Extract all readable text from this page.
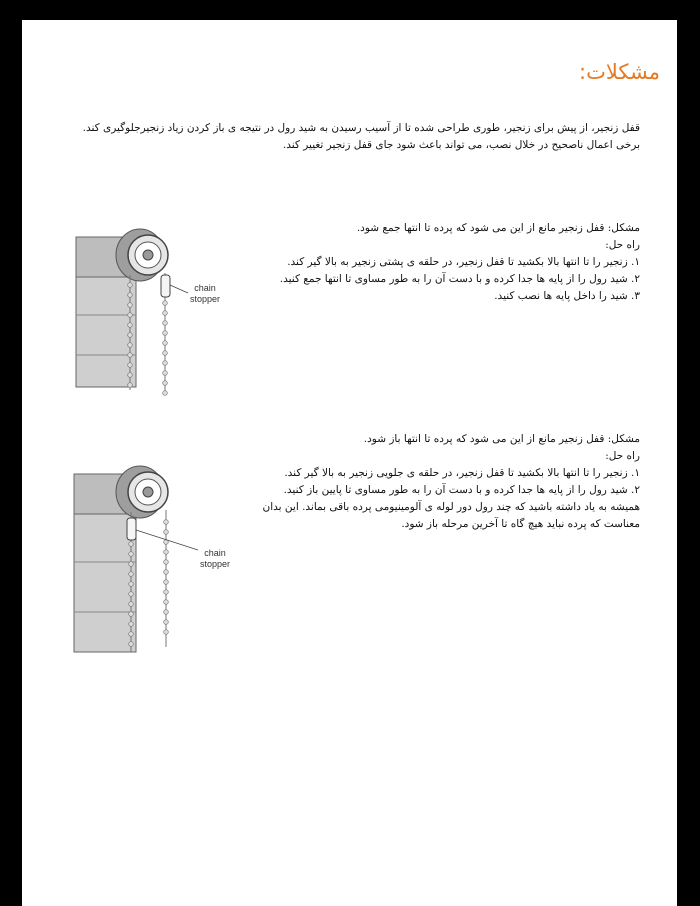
مشکلات:

قفل زنجیر، از پیش برای زنجیر، طوری طراحی شده تا از آسیب رسیدن به شید رول در نتیجه ی باز کردن زیاد زنجیرجلوگیری کند.

برخی اعمال ناصحیح در خلال نصب، می تواند باعث شود جای قفل زنجیر تغییر کند.

chain
stopper

مشکل: قفل زنجیر مانع از این می شود که پرده تا انتها جمع شود.

راه حل:

۱. زنجیر را تا انتها بالا بکشید تا قفل زنجیر، در حلقه ی پشتی زنجیر به بالا گیر کند.

۲. شید رول را از پایه ها جدا کرده و با دست آن را به طور مساوی تا انتها جمع کنید.

۳. شید را داخل پایه ها نصب کنید.

chain
stopper

مشکل: قفل زنجیر مانع از این می شود که پرده تا انتها باز شود.

راه حل:

۱. زنجیر را تا انتها بالا بکشید تا قفل زنجیر، در حلقه ی جلویی زنجیر به بالا گیر کند.

۲. شید رول را از پایه ها جدا کرده و با دست آن را به طور مساوی تا پایین باز کنید.

همیشه به یاد داشته باشید که چند رول دور لوله ی آلومینیومی پرده باقی بماند. این بدان

معناست که پرده نباید هیچ گاه تا آخرین مرحله باز شود.
